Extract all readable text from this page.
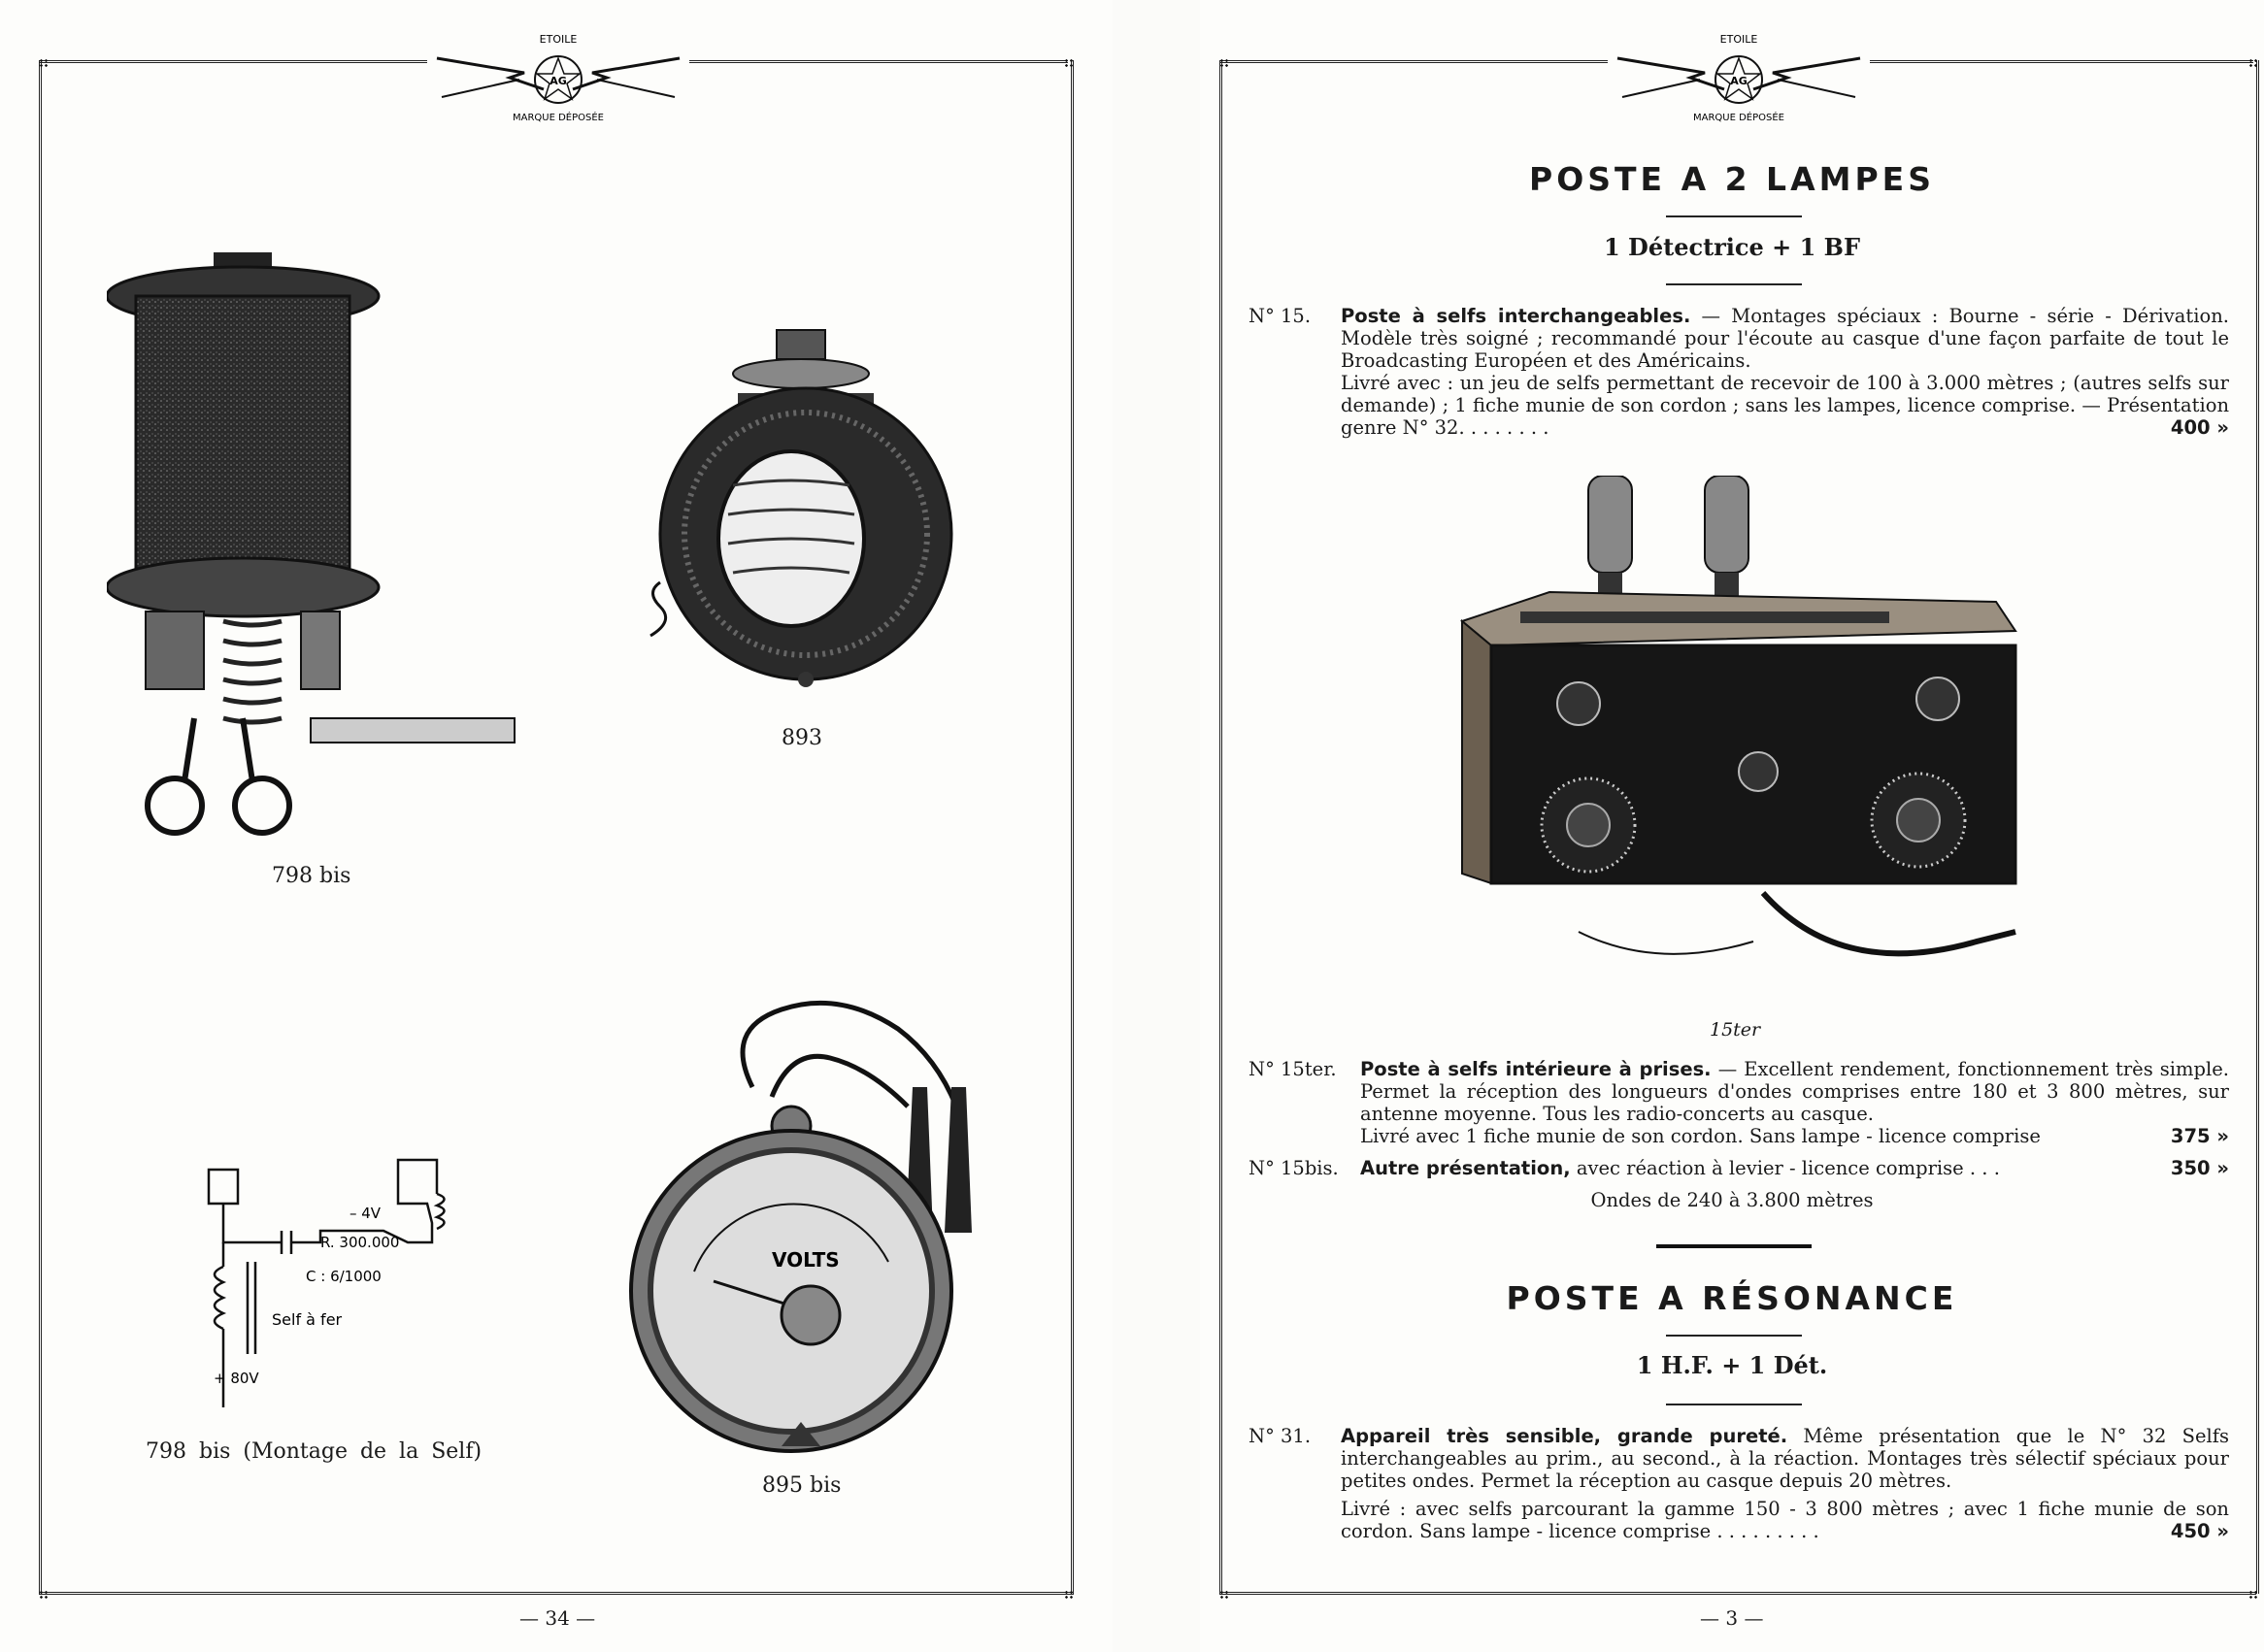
ETOILE
AG
MARQUE DÉPOSÉE
798 bis
893
– 4V
R. 300.000
C : 6/1000
Self à fer
+ 80V
798 bis (Montage de la Self)
VOLTS
895 bis
— 34 —
ETOILE
AG
MARQUE DÉPOSÉE
POSTE A 2 LAMPES
1 Détectrice + 1 BF
N° 15. Poste à selfs interchangeables. — Montages spéciaux : Bourne - série - Dérivation. Modèle très soigné ; recommandé pour l'écoute au casque d'une façon parfaite de tout le Broadcasting Européen et des Américains.
Livré avec : un jeu de selfs permettant de recevoir de 100 à 3.000 mètres ; (autres selfs sur demande) ; 1 fiche munie de son cordon ; sans les lampes, licence comprise. — Présentation genre N° 32. . . . . . . .	400 »
15ter
N° 15ter. Poste à selfs intérieure à prises. — Excellent rendement, fonctionnement très simple. Permet la réception des longueurs d'ondes comprises entre 180 et 3 800 mètres, sur antenne moyenne. Tous les radio-concerts au casque.
Livré avec 1 fiche munie de son cordon. Sans lampe - licence comprise	375 »
N° 15bis. Autre présentation, avec réaction à levier - licence comprise . . .	350 »
Ondes de 240 à 3.800 mètres
POSTE A RÉSONANCE
1 H.F. + 1 Dét.
N° 31. Appareil très sensible, grande pureté. Même présentation que le N° 32 Selfs interchangeables au prim., au second., à la réaction. Montages très sélectif spéciaux pour petites ondes. Permet la réception au casque depuis 20 mètres.
Livré : avec selfs parcourant la gamme 150 - 3 800 mètres ; avec 1 fiche munie de son cordon. Sans lampe - licence comprise . . . . . . . . .	450 »
— 3 —
